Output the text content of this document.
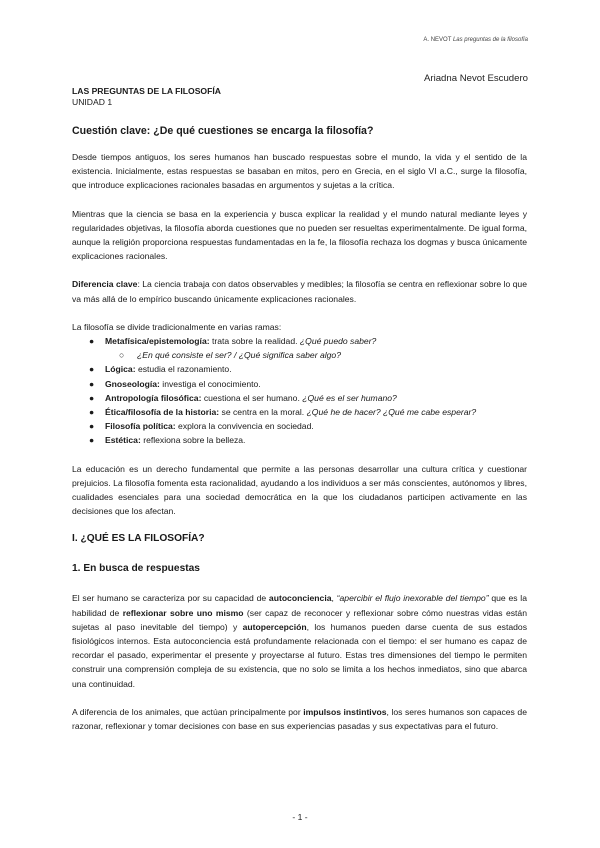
A. NEVOT Las preguntas de la filosofía
Ariadna Nevot Escudero

LAS PREGUNTAS DE LA FILOSOFÍA

UNIDAD 1

Cuestión clave: ¿De qué cuestiones se encarga la filosofía?

Desde tiempos antiguos, los seres humanos han buscado respuestas sobre el mundo, la vida y el sentido de la existencia. Inicialmente, estas respuestas se basaban en mitos, pero en Grecia, en el siglo VI a.C., surge la filosofía, que introduce explicaciones racionales basadas en argumentos y sujetas a la crítica.

Mientras que la ciencia se basa en la experiencia y busca explicar la realidad y el mundo natural mediante leyes y regularidades objetivas, la filosofía aborda cuestiones que no pueden ser resueltas experimentalmente. De igual forma, aunque la religión proporciona respuestas fundamentadas en la fe, la filosofía rechaza los dogmas y busca únicamente explicaciones racionales.

Diferencia clave: La ciencia trabaja con datos observables y medibles; la filosofía se centra en reflexionar sobre lo que va más allá de lo empírico buscando únicamente explicaciones racionales.

La filosofía se divide tradicionalmente en varias ramas:

● Metafísica/epistemología: trata sobre la realidad. ¿Qué puedo saber?
○ ¿En qué consiste el ser? / ¿Qué significa saber algo?
● Lógica: estudia el razonamiento.
● Gnoseología: investiga el conocimiento.
● Antropología filosófica: cuestiona el ser humano. ¿Qué es el ser humano?
● Ética/filosofía de la historia: se centra en la moral. ¿Qué he de hacer? ¿Qué me cabe esperar?
● Filosofía política: explora la convivencia en sociedad.
● Estética: reflexiona sobre la belleza.

La educación es un derecho fundamental que permite a las personas desarrollar una cultura crítica y cuestionar prejuicios. La filosofía fomenta esta racionalidad, ayudando a los individuos a ser más conscientes, autónomos y libres, cualidades esenciales para una sociedad democrática en la que los ciudadanos participen activamente en las decisiones que los afectan.

I. ¿QUÉ ES LA FILOSOFÍA?

1. En busca de respuestas

El ser humano se caracteriza por su capacidad de autoconciencia, “apercibir el flujo inexorable del tiempo” que es la habilidad de reflexionar sobre uno mismo (ser capaz de reconocer y reflexionar sobre cómo nuestras vidas están sujetas al paso inevitable del tiempo) y autopercepción, los humanos pueden darse cuenta de sus estados fisiológicos internos. Esta autoconciencia está profundamente relacionada con el tiempo: el ser humano es capaz de recordar el pasado, experimentar el presente y proyectarse al futuro. Estas tres dimensiones del tiempo le permiten construir una comprensión compleja de su existencia, que no solo se limita a los hechos inmediatos, sino que abarca una continuidad.

A diferencia de los animales, que actúan principalmente por impulsos instintivos, los seres humanos son capaces de razonar, reflexionar y tomar decisiones con base en sus experiencias pasadas y sus expectativas para el futuro.

- 1 -
